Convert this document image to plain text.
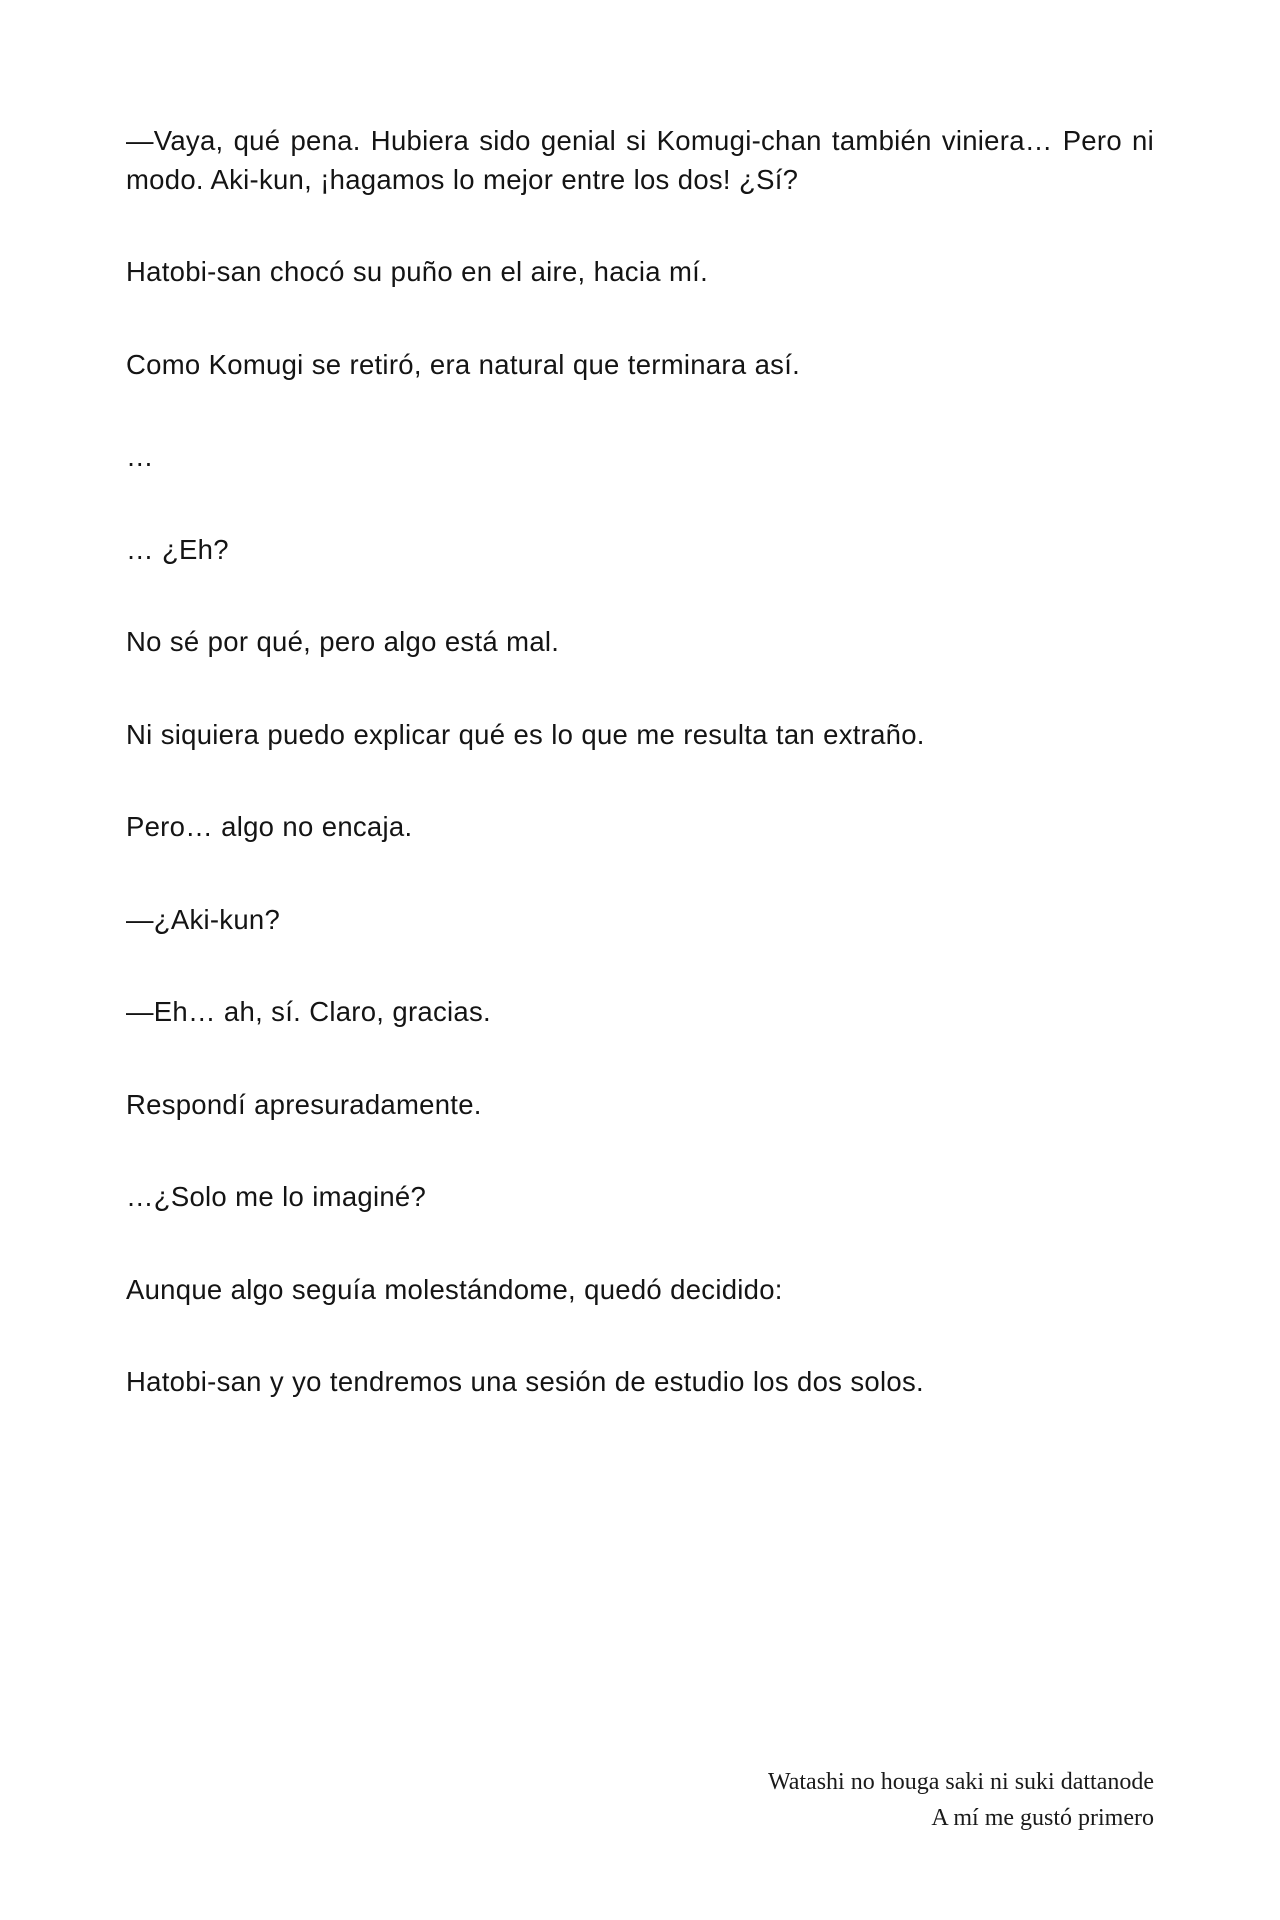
—Vaya, qué pena. Hubiera sido genial si Komugi-chan también viniera… Pero ni modo. Aki-kun, ¡hagamos lo mejor entre los dos! ¿Sí?

Hatobi-san chocó su puño en el aire, hacia mí.

Como Komugi se retiró, era natural que terminara así.

…

… ¿Eh?

No sé por qué, pero algo está mal.

Ni siquiera puedo explicar qué es lo que me resulta tan extraño.

Pero… algo no encaja.

—¿Aki-kun?

—Eh… ah, sí. Claro, gracias.

Respondí apresuradamente.

…¿Solo me lo imaginé?

Aunque algo seguía molestándome, quedó decidido:

Hatobi-san y yo tendremos una sesión de estudio los dos solos.

Watashi no houga saki ni suki dattanode
A mí me gustó primero
